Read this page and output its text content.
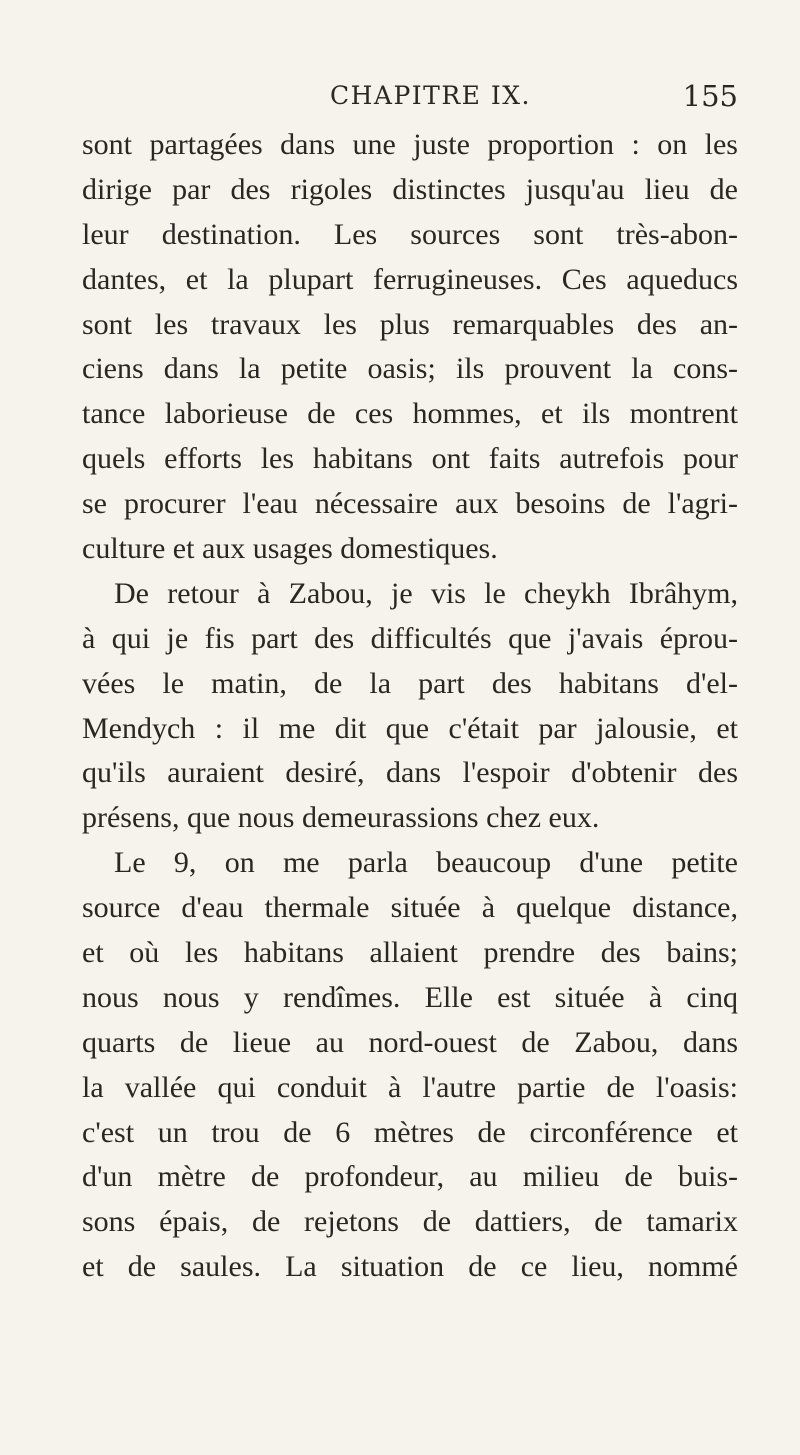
CHAPITRE IX.	155
sont partagées dans une juste proportion : on les
dirige par des rigoles distinctes jusqu'au lieu de
leur destination. Les sources sont très-abon-
dantes, et la plupart ferrugineuses. Ces aqueducs
sont les travaux les plus remarquables des an-
ciens dans la petite oasis; ils prouvent la cons-
tance laborieuse de ces hommes, et ils montrent
quels efforts les habitans ont faits autrefois pour
se procurer l'eau nécessaire aux besoins de l'agri-
culture et aux usages domestiques.
De retour à Zabou, je vis le cheykh Ibrâhym,
à qui je fis part des difficultés que j'avais éprou-
vées le matin, de la part des habitans d'el-
Mendych : il me dit que c'était par jalousie, et
qu'ils auraient desiré, dans l'espoir d'obtenir des
présens, que nous demeurassions chez eux.
Le 9, on me parla beaucoup d'une petite
source d'eau thermale située à quelque distance,
et où les habitans allaient prendre des bains;
nous nous y rendîmes. Elle est située à cinq
quarts de lieue au nord-ouest de Zabou, dans
la vallée qui conduit à l'autre partie de l'oasis:
c'est un trou de 6 mètres de circonférence et
d'un mètre de profondeur, au milieu de buis-
sons épais, de rejetons de dattiers, de tamarix
et de saules. La situation de ce lieu, nommé
